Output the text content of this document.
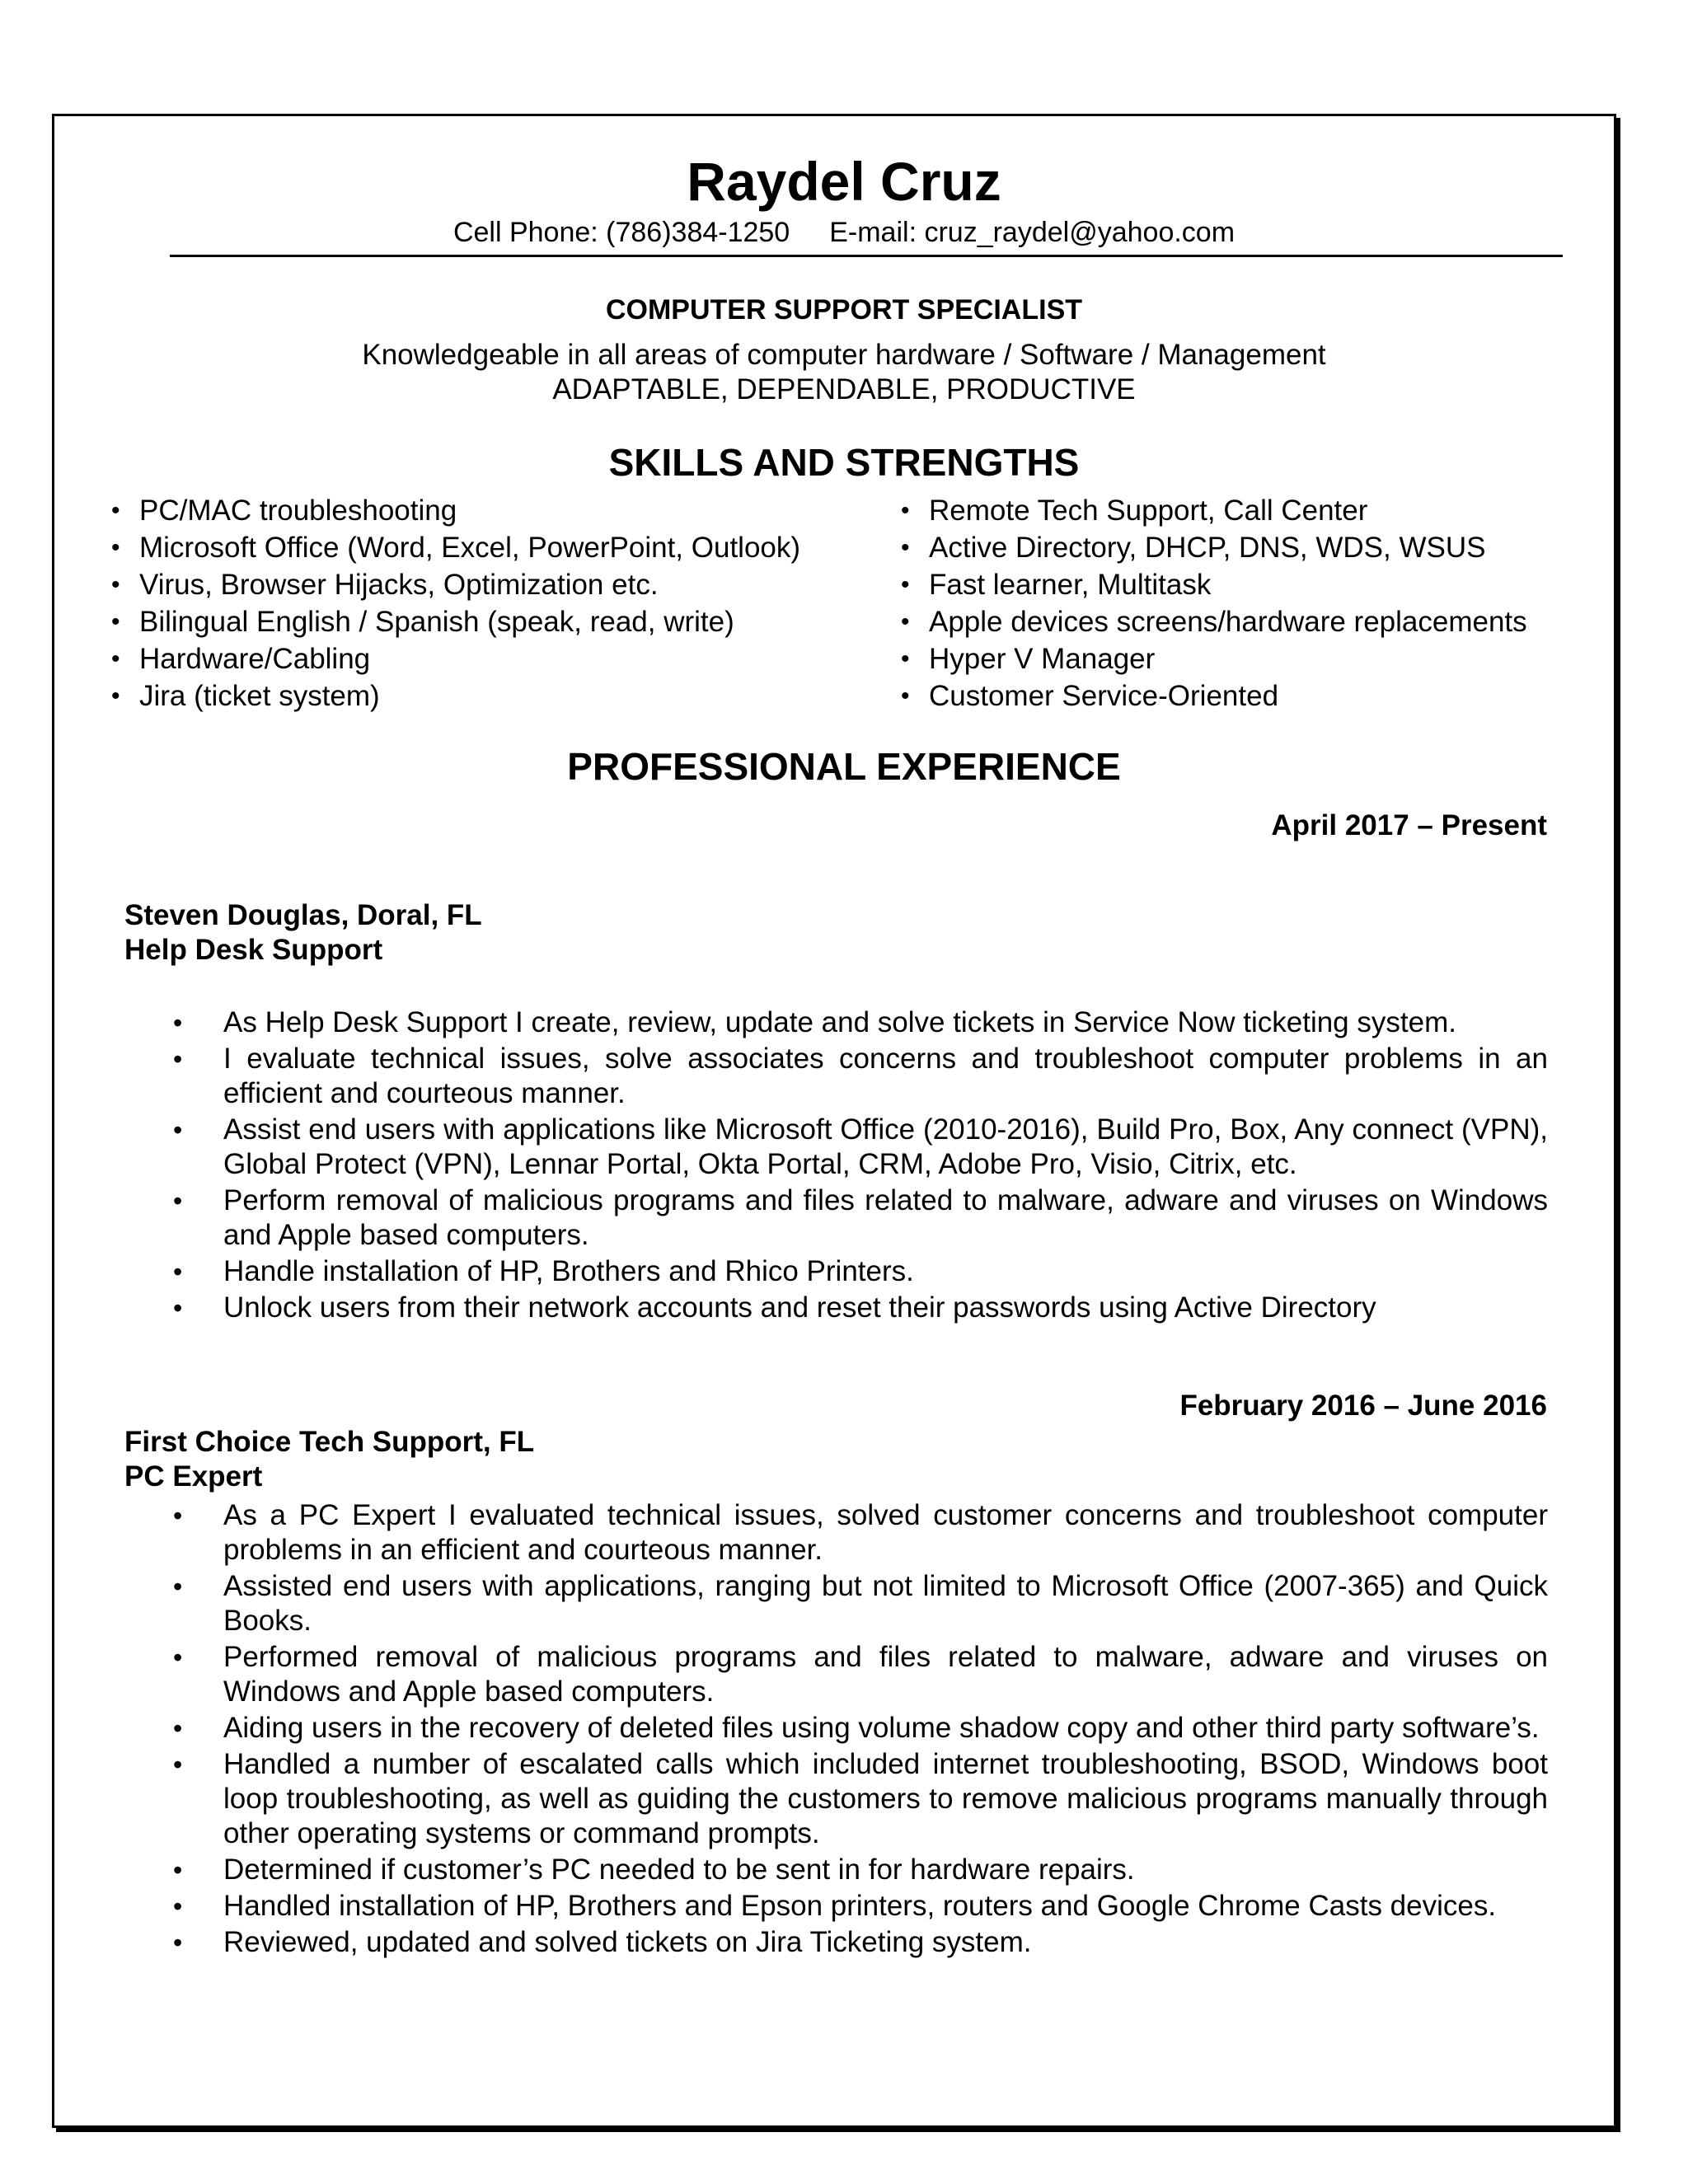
Raydel Cruz
Cell Phone: (786)384-1250 E-mail: cruz_raydel@yahoo.com
COMPUTER SUPPORT SPECIALIST
Knowledgeable in all areas of computer hardware / Software / Management
ADAPTABLE, DEPENDABLE, PRODUCTIVE
SKILLS AND STRENGTHS
• PC/MAC troubleshooting
• Microsoft Office (Word, Excel, PowerPoint, Outlook)
• Virus, Browser Hijacks, Optimization etc.
• Bilingual English / Spanish (speak, read, write)
• Hardware/Cabling
• Jira (ticket system)
• Remote Tech Support, Call Center
• Active Directory, DHCP, DNS, WDS, WSUS
• Fast learner, Multitask
• Apple devices screens/hardware replacements
• Hyper V Manager
• Customer Service-Oriented
PROFESSIONAL EXPERIENCE
April 2017 – Present
Steven Douglas, Doral, FL
Help Desk Support
• As Help Desk Support I create, review, update and solve tickets in Service Now ticketing system.
• I evaluate technical issues, solve associates concerns and troubleshoot computer problems in an efficient and courteous manner.
• Assist end users with applications like Microsoft Office (2010-2016), Build Pro, Box, Any connect (VPN), Global Protect (VPN), Lennar Portal, Okta Portal, CRM, Adobe Pro, Visio, Citrix, etc.
• Perform removal of malicious programs and files related to malware, adware and viruses on Windows and Apple based computers.
• Handle installation of HP, Brothers and Rhico Printers.
• Unlock users from their network accounts and reset their passwords using Active Directory
February 2016 – June 2016
First Choice Tech Support, FL
PC Expert
• As a PC Expert I evaluated technical issues, solved customer concerns and troubleshoot computer problems in an efficient and courteous manner.
• Assisted end users with applications, ranging but not limited to Microsoft Office (2007-365) and Quick Books.
• Performed removal of malicious programs and files related to malware, adware and viruses on Windows and Apple based computers.
• Aiding users in the recovery of deleted files using volume shadow copy and other third party software’s.
• Handled a number of escalated calls which included internet troubleshooting, BSOD, Windows boot loop troubleshooting, as well as guiding the customers to remove malicious programs manually through other operating systems or command prompts.
• Determined if customer’s PC needed to be sent in for hardware repairs.
• Handled installation of HP, Brothers and Epson printers, routers and Google Chrome Casts devices.
• Reviewed, updated and solved tickets on Jira Ticketing system.
